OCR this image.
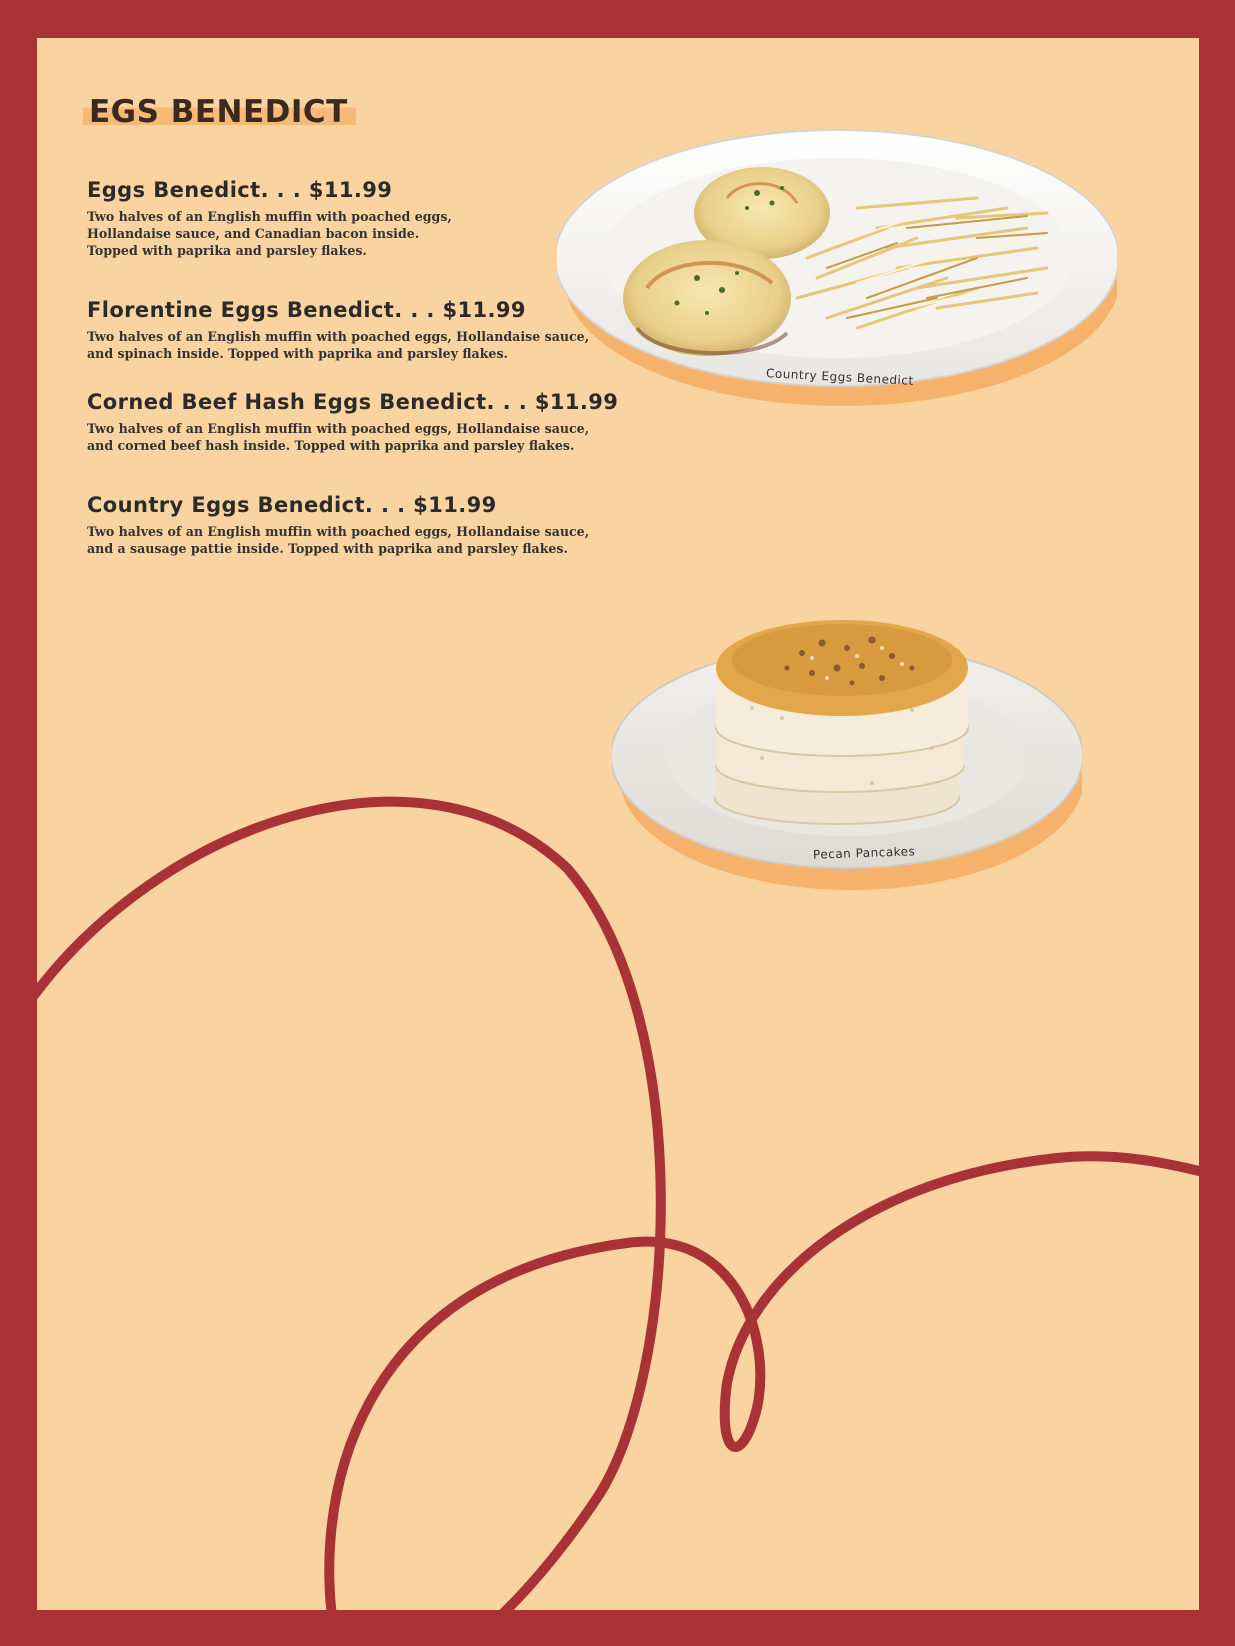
EGS BENEDICT
Eggs Benedict. . . $11.99
Two halves of an English muffin with poached eggs,
Hollandaise sauce, and Canadian bacon inside.
Topped with paprika and parsley flakes.
Florentine Eggs Benedict. . . $11.99
Two halves of an English muffin with poached eggs, Hollandaise sauce,
and spinach inside. Topped with paprika and parsley flakes.
Corned Beef Hash Eggs Benedict. . . $11.99
Two halves of an English muffin with poached eggs, Hollandaise sauce,
and corned beef hash inside. Topped with paprika and parsley flakes.
Country Eggs Benedict. . . $11.99
Two halves of an English muffin with poached eggs, Hollandaise sauce,
and a sausage pattie inside. Topped with paprika and parsley flakes.
Country Eggs Benedict
Pecan Pancakes
